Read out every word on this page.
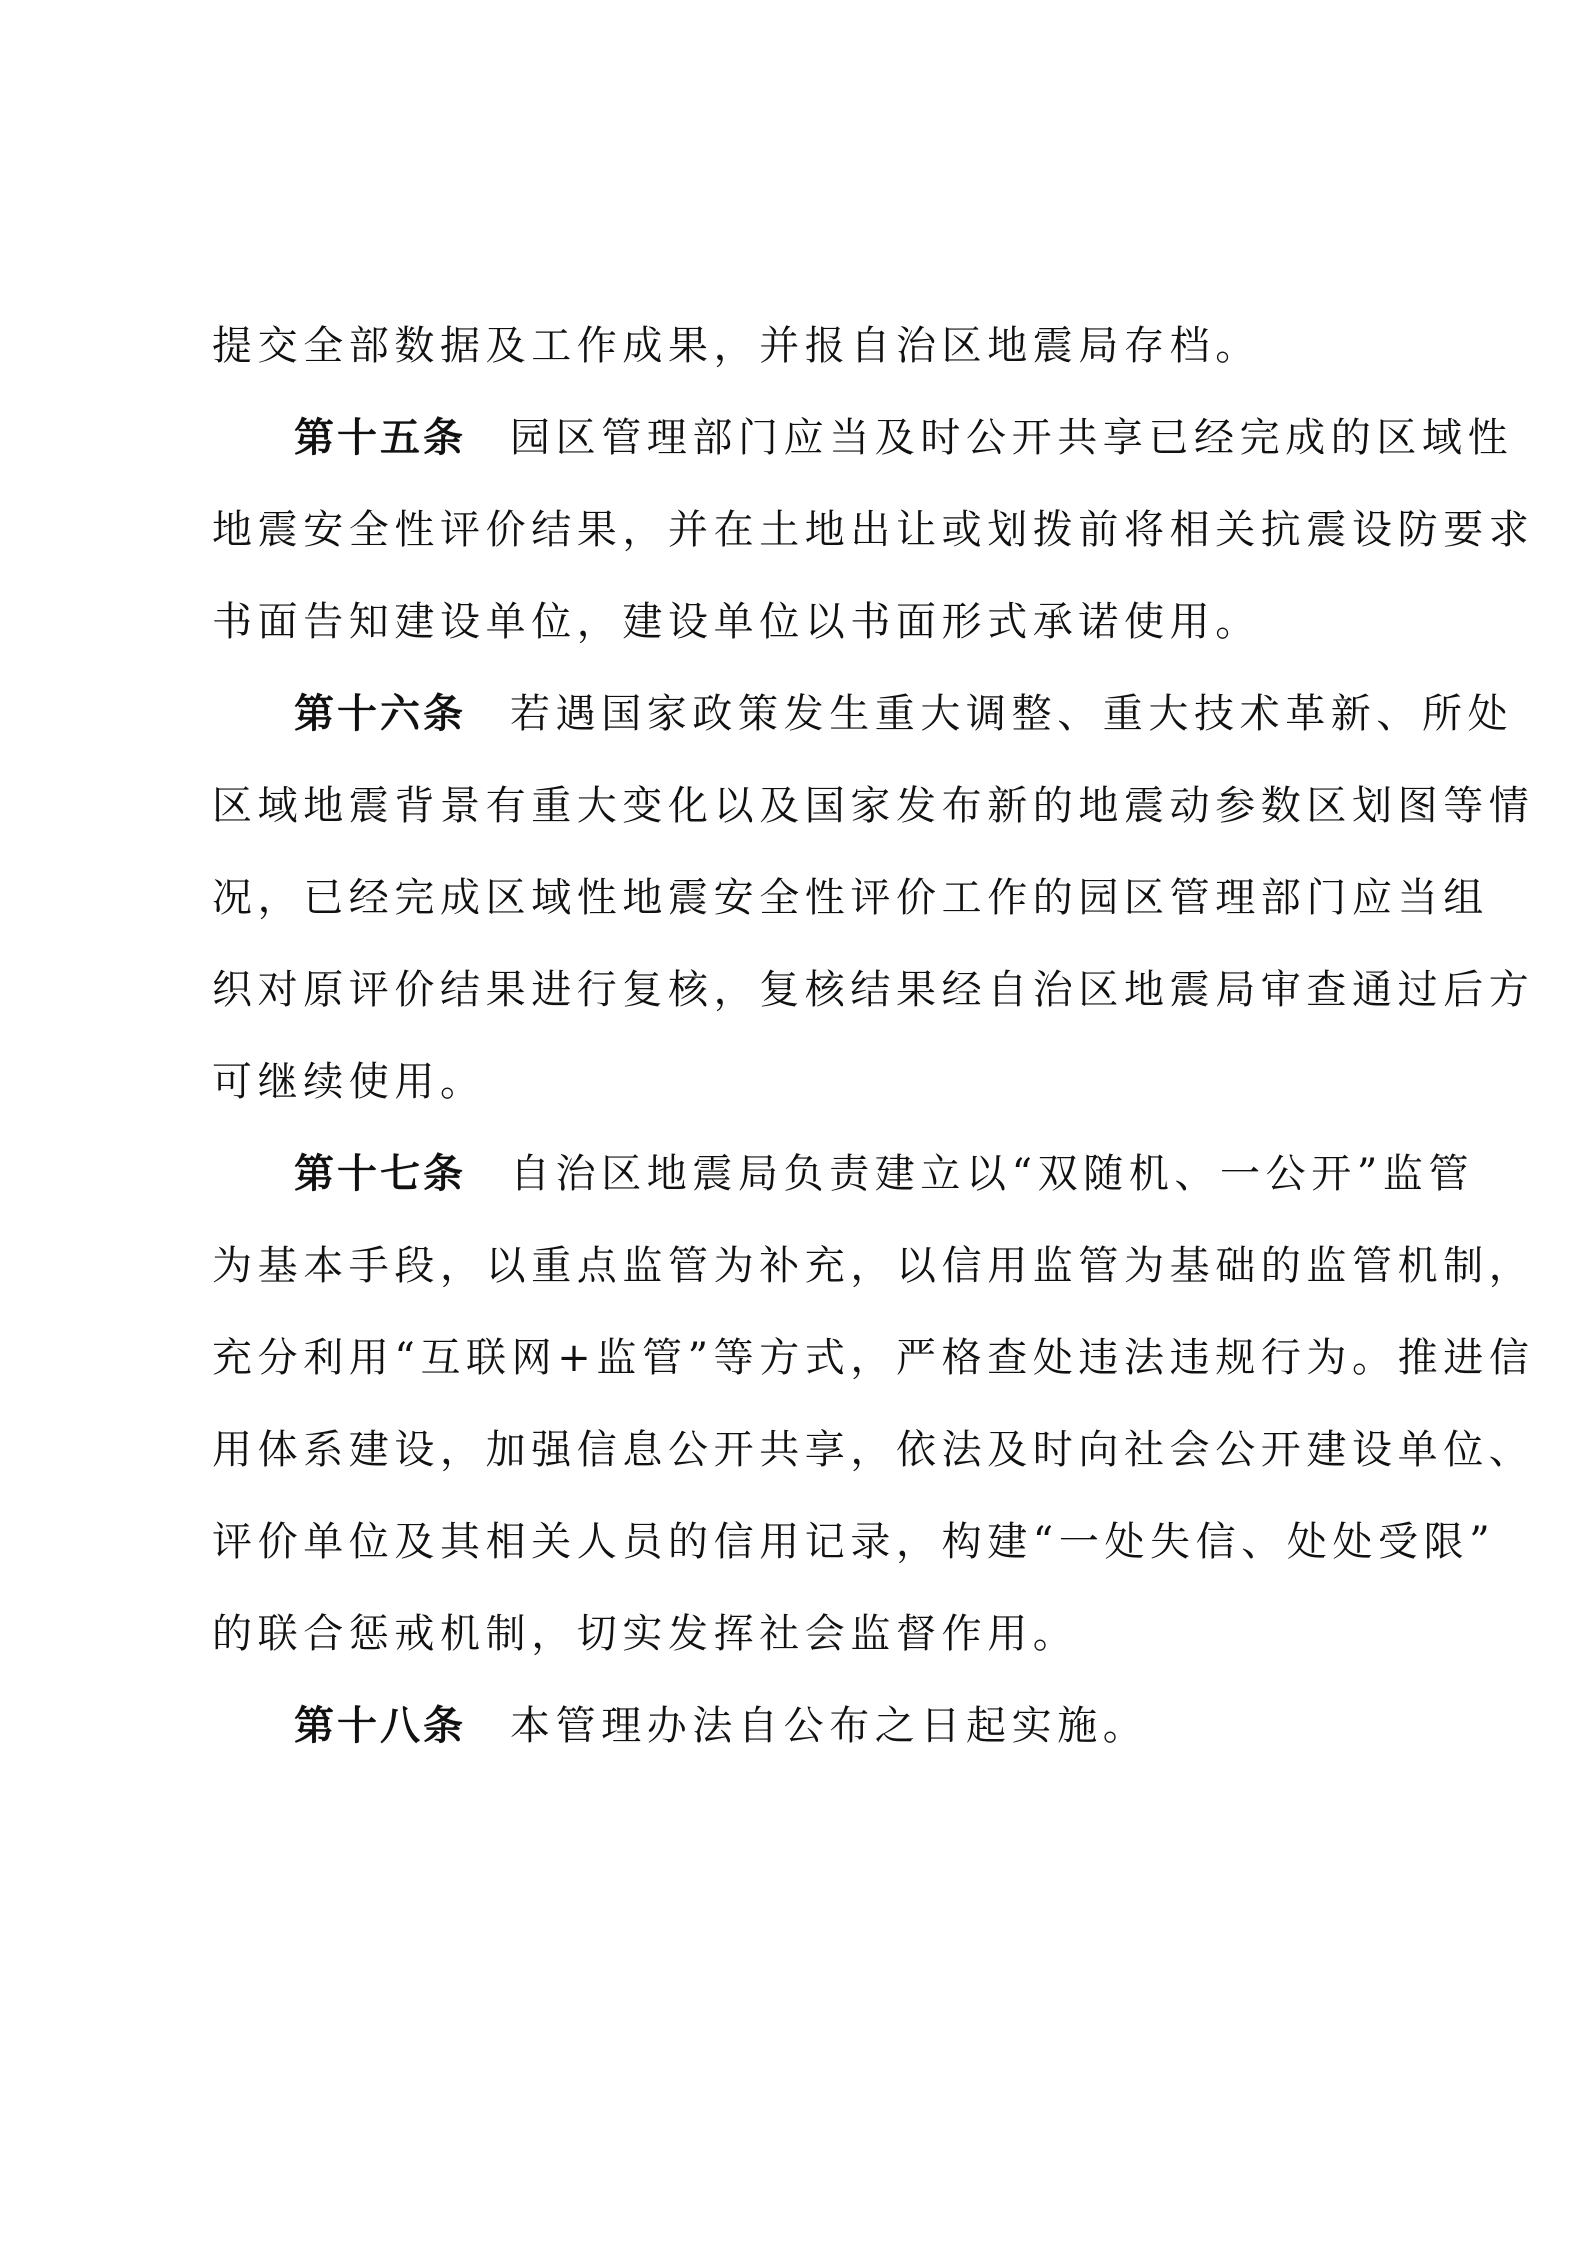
提交全部数据及工作成果，并报自治区地震局存档。
第十五条 园区管理部门应当及时公开共享已经完成的区域性
地震安全性评价结果，并在土地出让或划拨前将相关抗震设防要求
书面告知建设单位，建设单位以书面形式承诺使用。
第十六条 若遇国家政策发生重大调整、重大技术革新、所处
区域地震背景有重大变化以及国家发布新的地震动参数区划图等情
况，已经完成区域性地震安全性评价工作的园区管理部门应当组
织对原评价结果进行复核，复核结果经自治区地震局审查通过后方
可继续使用。
第十七条 自治区地震局负责建立以“双随机、一公开”监管
为基本手段，以重点监管为补充，以信用监管为基础的监管机制，
充分利用“互联网+监管”等方式，严格查处违法违规行为。推进信
用体系建设，加强信息公开共享，依法及时向社会公开建设单位、
评价单位及其相关人员的信用记录，构建“一处失信、处处受限”
的联合惩戒机制，切实发挥社会监督作用。
第十八条 本管理办法自公布之日起实施。
